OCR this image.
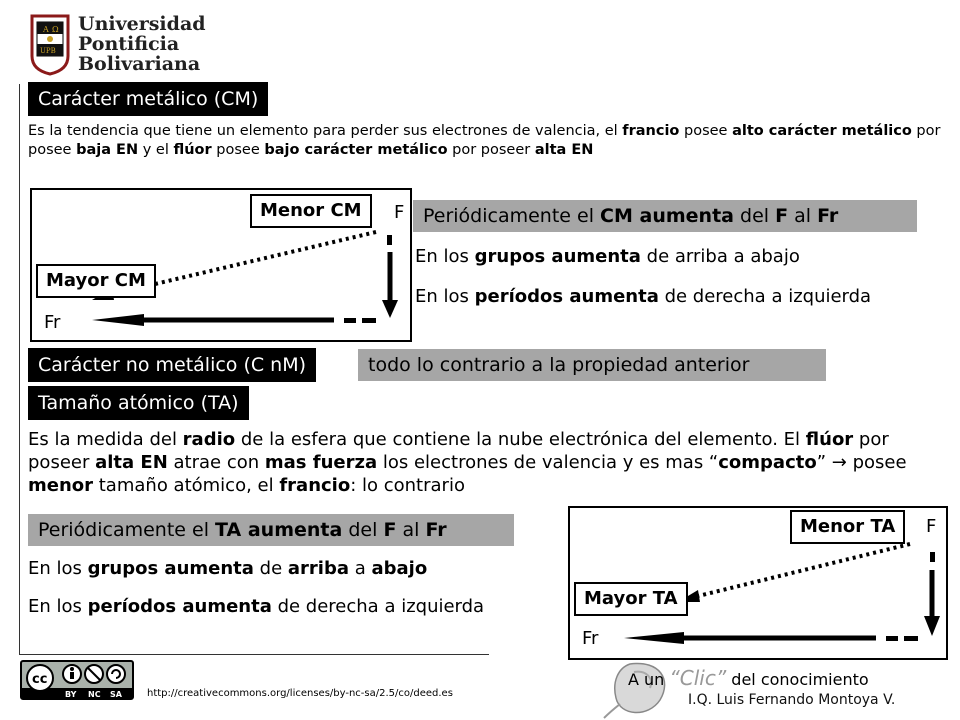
A Ω
UPB
Universidad
Pontificia
Bolivariana
Carácter metálico (CM)
Es la tendencia que tiene un elemento para perder sus electrones de valencia, el francio posee alto carácter metálico por posee baja EN y el flúor posee bajo carácter metálico por poseer alta EN
Menor CM
Mayor CM
F
Fr
Periódicamente el CM aumenta del F al Fr
En los grupos aumenta de arriba a abajo
En los períodos aumenta de derecha a izquierda
Carácter no metálico (C nM)	todo lo contrario a la propiedad anterior
Tamaño atómico (TA)
Es la medida del radio de la esfera que contiene la nube electrónica del elemento. El flúor por poseer alta EN atrae con mas fuerza los electrones de valencia y es mas “compacto” → posee menor tamaño atómico, el francio: lo contrario
Periódicamente el TA aumenta del F al Fr
En los grupos aumenta de arriba a abajo
En los períodos aumenta de derecha a izquierda
Menor TA
Mayor TA
F
Fr
cc
BY NC SA	http://creativecommons.org/licenses/by-nc-sa/2.5/co/deed.es
A un “Clic” del conocimiento
I.Q. Luis Fernando Montoya V.
